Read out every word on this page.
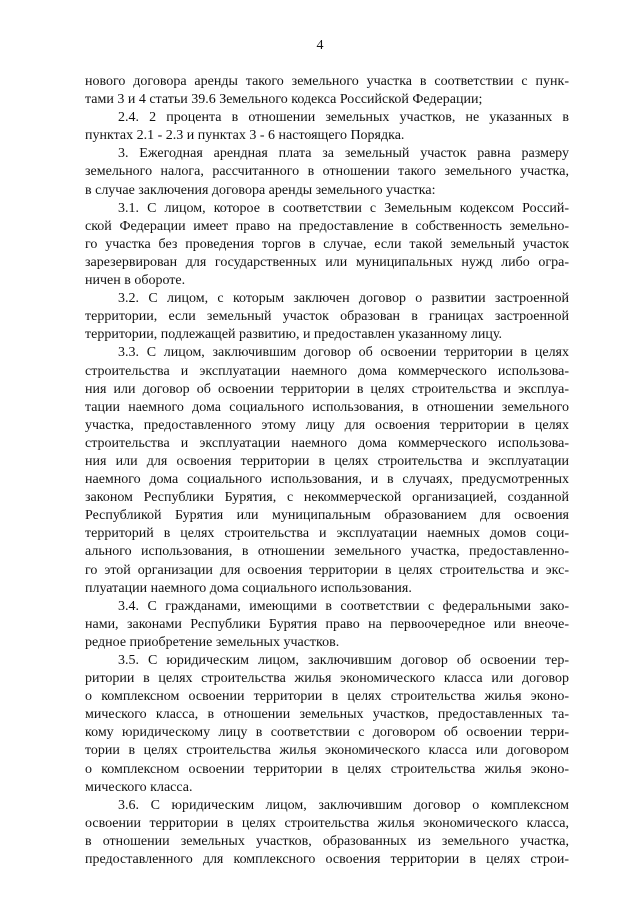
4
нового договора аренды такого земельного участка в соответствии с пунк-
тами 3 и 4 статьи 39.6 Земельного кодекса Российской Федерации;
2.4. 2 процента в отношении земельных участков, не указанных в
пунктах 2.1 - 2.3 и пунктах 3 - 6 настоящего Порядка.
3. Ежегодная арендная плата за земельный участок равна размеру
земельного налога, рассчитанного в отношении такого земельного участка,
в случае заключения договора аренды земельного участка:
3.1. С лицом, которое в соответствии с Земельным кодексом Россий-
ской Федерации имеет право на предоставление в собственность земельно-
го участка без проведения торгов в случае, если такой земельный участок
зарезервирован для государственных или муниципальных нужд либо огра-
ничен в обороте.
3.2. С лицом, с которым заключен договор о развитии застроенной
территории, если земельный участок образован в границах застроенной
территории, подлежащей развитию, и предоставлен указанному лицу.
3.3. С лицом, заключившим договор об освоении территории в целях
строительства и эксплуатации наемного дома коммерческого использова-
ния или договор об освоении территории в целях строительства и эксплуа-
тации наемного дома социального использования, в отношении земельного
участка, предоставленного этому лицу для освоения территории в целях
строительства и эксплуатации наемного дома коммерческого использова-
ния или для освоения территории в целях строительства и эксплуатации
наемного дома социального использования, и в случаях, предусмотренных
законом Республики Бурятия, с некоммерческой организацией, созданной
Республикой Бурятия или муниципальным образованием для освоения
территорий в целях строительства и эксплуатации наемных домов соци-
ального использования, в отношении земельного участка, предоставленно-
го этой организации для освоения территории в целях строительства и экс-
плуатации наемного дома социального использования.
3.4. С гражданами, имеющими в соответствии с федеральными зако-
нами, законами Республики Бурятия право на первоочередное или внеоче-
редное приобретение земельных участков.
3.5. С юридическим лицом, заключившим договор об освоении тер-
ритории в целях строительства жилья экономического класса или договор
о комплексном освоении территории в целях строительства жилья эконо-
мического класса, в отношении земельных участков, предоставленных та-
кому юридическому лицу в соответствии с договором об освоении терри-
тории в целях строительства жилья экономического класса или договором
о комплексном освоении территории в целях строительства жилья эконо-
мического класса.
3.6. С юридическим лицом, заключившим договор о комплексном
освоении территории в целях строительства жилья экономического класса,
в отношении земельных участков, образованных из земельного участка,
предоставленного для комплексного освоения территории в целях строи-
